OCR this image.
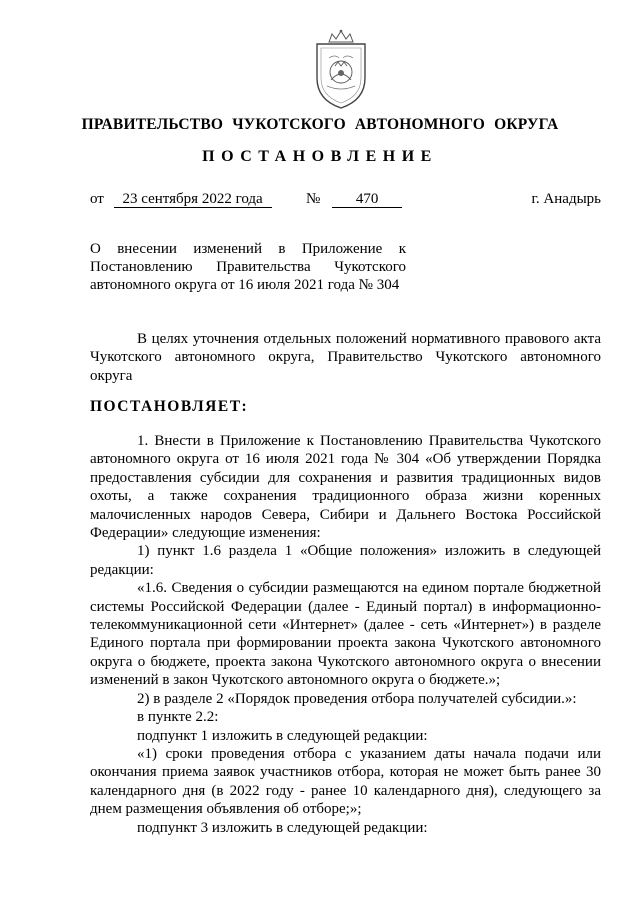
ПРАВИТЕЛЬСТВО ЧУКОТСКОГО АВТОНОМНОГО ОКРУГА
ПОСТАНОВЛЕНИЕ
от 23 сентября 2022 года	№ 470	г. Анадырь
О внесении изменений в Приложение к
Постановлению Правительства Чукотского
автономного округа от 16 июля 2021 года № 304

В целях уточнения отдельных положений нормативного правового акта Чукотского автономного округа, Правительство Чукотского автономного округа

ПОСТАНОВЛЯЕТ:

1. Внести в Приложение к Постановлению Правительства Чукотского автономного округа от 16 июля 2021 года № 304 «Об утверждении Порядка предоставления субсидии для сохранения и развития традиционных видов охоты, а также сохранения традиционного образа жизни коренных малочисленных народов Севера, Сибири и Дальнего Востока Российской Федерации» следующие изменения:

1) пункт 1.6 раздела 1 «Общие положения» изложить в следующей редакции:

«1.6. Сведения о субсидии размещаются на едином портале бюджетной системы Российской Федерации (далее - Единый портал) в информационно-телекоммуникационной сети «Интернет» (далее - сеть «Интернет») в разделе Единого портала при формировании проекта закона Чукотского автономного округа о бюджете, проекта закона Чукотского автономного округа о внесении изменений в закон Чукотского автономного округа о бюджете.»;

2) в разделе 2 «Порядок проведения отбора получателей субсидии.»:

в пункте 2.2:

подпункт 1 изложить в следующей редакции:

«1) сроки проведения отбора с указанием даты начала подачи или окончания приема заявок участников отбора, которая не может быть ранее 30 календарного дня (в 2022 году - ранее 10 календарного дня), следующего за днем размещения объявления об отборе;»;

подпункт 3 изложить в следующей редакции:
